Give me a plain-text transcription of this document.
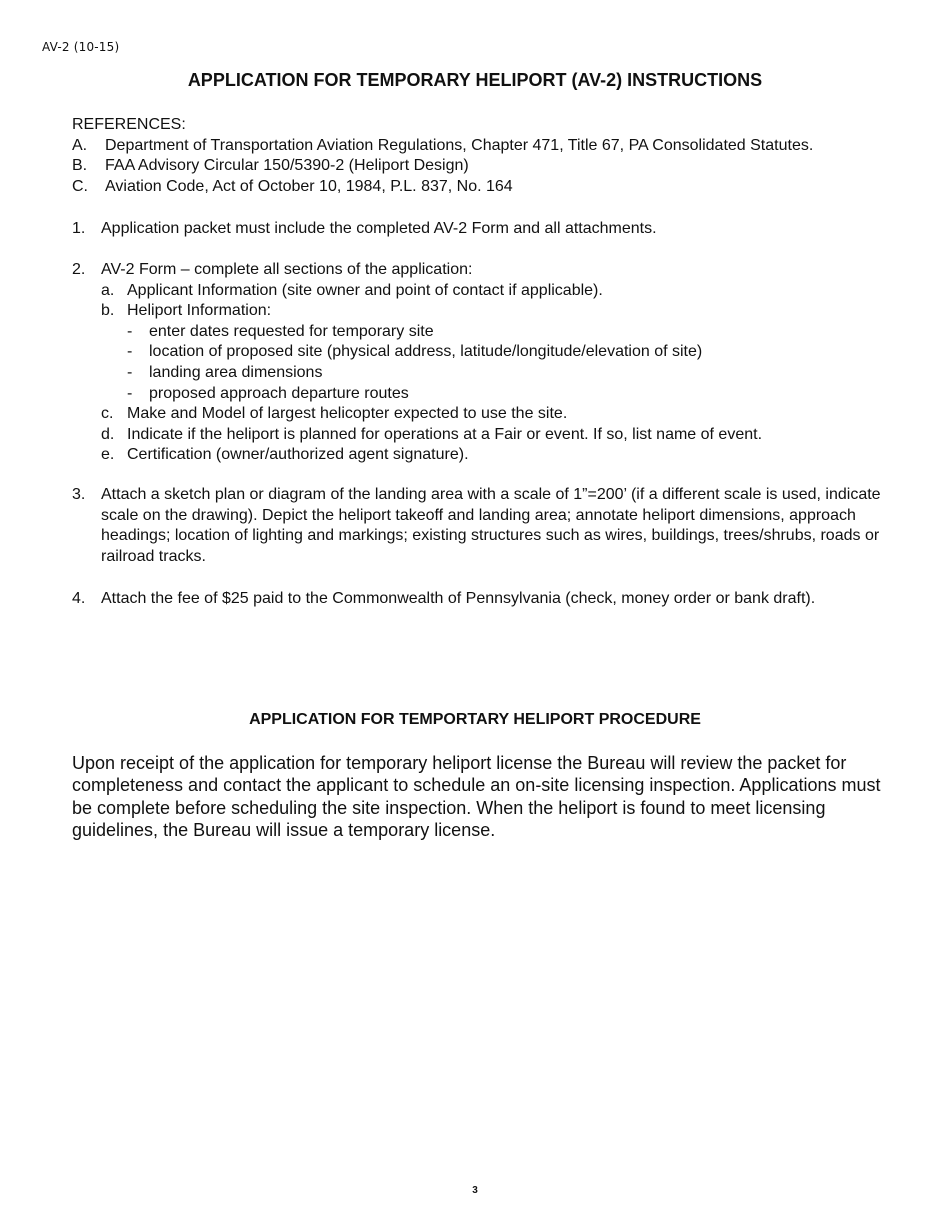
AV-2 (10-15)
APPLICATION FOR TEMPORARY HELIPORT (AV-2) INSTRUCTIONS
REFERENCES:
A.	Department of Transportation Aviation Regulations, Chapter 471, Title 67, PA Consolidated Statutes.
B.	FAA Advisory Circular 150/5390-2 (Heliport Design)
C.	Aviation Code, Act of October 10, 1984, P.L. 837, No. 164
1. Application packet must include the completed AV-2 Form and all attachments.
2. AV-2 Form – complete all sections of the application:
a. Applicant Information (site owner and point of contact if applicable).
b. Heliport Information:
-	enter dates requested for temporary site
-	location of proposed site (physical address, latitude/longitude/elevation of site)
-	landing area dimensions
-	proposed approach departure routes
c. Make and Model of largest helicopter expected to use the site.
d. Indicate if the heliport is planned for operations at a Fair or event. If so, list name of event.
e. Certification (owner/authorized agent signature).
3. Attach a sketch plan or diagram of the landing area with a scale of 1”=200’ (if a different scale is used, indicate scale on the drawing). Depict the heliport takeoff and landing area; annotate heliport dimensions, approach headings; location of lighting and markings; existing structures such as wires, buildings, trees/shrubs, roads or railroad tracks.
4. Attach the fee of $25 paid to the Commonwealth of Pennsylvania (check, money order or bank draft).
APPLICATION FOR TEMPORTARY HELIPORT PROCEDURE
Upon receipt of the application for temporary heliport license the Bureau will review the packet for completeness and contact the applicant to schedule an on-site licensing inspection. Applications must be complete before scheduling the site inspection. When the heliport is found to meet licensing guidelines, the Bureau will issue a temporary license.
3
